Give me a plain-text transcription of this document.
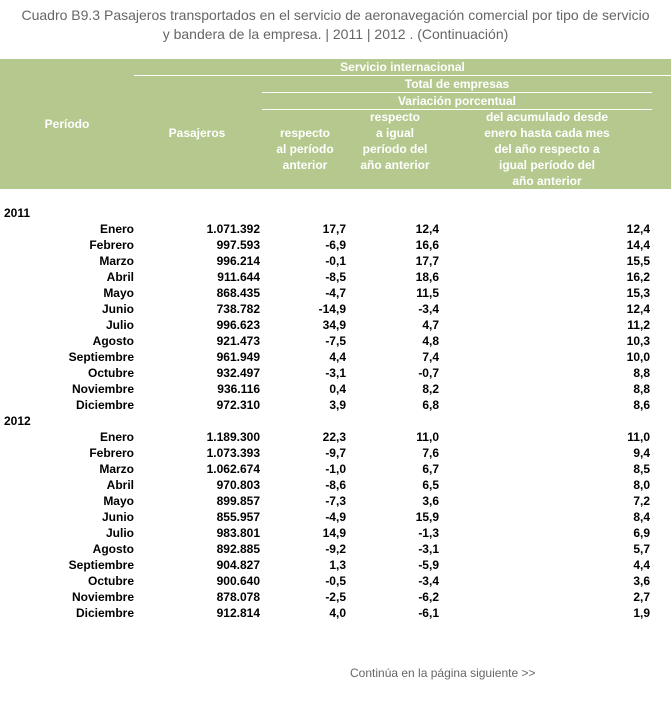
Cuadro B9.3 Pasajeros transportados en el servicio de aeronavegación comercial por tipo de servicio
y bandera de la empresa. | 2011 | 2012 . (Continuación)
Período
Servicio internacional
Total de empresas
Variación porcentual
Pasajeros	respecto
al período
anterior
respecto
a igual
período del
año anterior
del acumulado desde
enero hasta cada mes
del año respecto a
igual período del
año anterior
2011
Enero	1.071.392	17,7	12,4	12,4
Febrero	997.593	-6,9	16,6	14,4
Marzo	996.214	-0,1	17,7	15,5
Abril	911.644	-8,5	18,6	16,2
Mayo	868.435	-4,7	11,5	15,3
Junio	738.782	-14,9	-3,4	12,4
Julio	996.623	34,9	4,7	11,2
Agosto	921.473	-7,5	4,8	10,3
Septiembre	961.949	4,4	7,4	10,0
Octubre	932.497	-3,1	-0,7	8,8
Noviembre	936.116	0,4	8,2	8,8
Diciembre	972.310	3,9	6,8	8,6
2012
Enero	1.189.300	22,3	11,0	11,0
Febrero	1.073.393	-9,7	7,6	9,4
Marzo	1.062.674	-1,0	6,7	8,5
Abril	970.803	-8,6	6,5	8,0
Mayo	899.857	-7,3	3,6	7,2
Junio	855.957	-4,9	15,9	8,4
Julio	983.801	14,9	-1,3	6,9
Agosto	892.885	-9,2	-3,1	5,7
Septiembre	904.827	1,3	-5,9	4,4
Octubre	900.640	-0,5	-3,4	3,6
Noviembre	878.078	-2,5	-6,2	2,7
Diciembre	912.814	4,0	-6,1	1,9
Continúa en la página siguiente >>
